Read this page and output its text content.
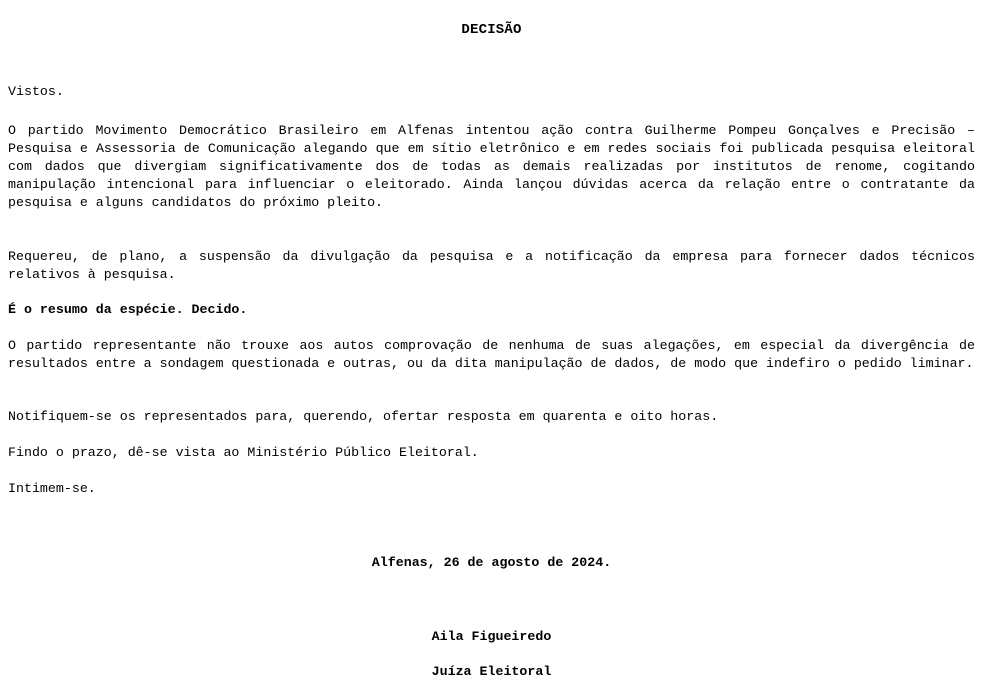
DECISÃO

Vistos.

O partido Movimento Democrático Brasileiro em Alfenas intentou ação contra Guilherme Pompeu Gonçalves e Precisão – Pesquisa e Assessoria de Comunicação alegando que em sítio eletrônico e em redes sociais foi publicada pesquisa eleitoral com dados que divergiam significativamente dos de todas as demais realizadas por institutos de renome, cogitando manipulação intencional para influenciar o eleitorado. Ainda lançou dúvidas acerca da relação entre o contratante da pesquisa e alguns candidatos do próximo pleito.

Requereu, de plano, a suspensão da divulgação da pesquisa e a notificação da empresa para fornecer dados técnicos relativos à pesquisa.

É o resumo da espécie. Decido.

O partido representante não trouxe aos autos comprovação de nenhuma de suas alegações, em especial da divergência de resultados entre a sondagem questionada e outras, ou da dita manipulação de dados, de modo que indefiro o pedido liminar.

Notifiquem-se os representados para, querendo, ofertar resposta em quarenta e oito horas.

Findo o prazo, dê-se vista ao Ministério Público Eleitoral.

Intimem-se.

Alfenas, 26 de agosto de 2024.
Aila Figueiredo
Juíza Eleitoral
